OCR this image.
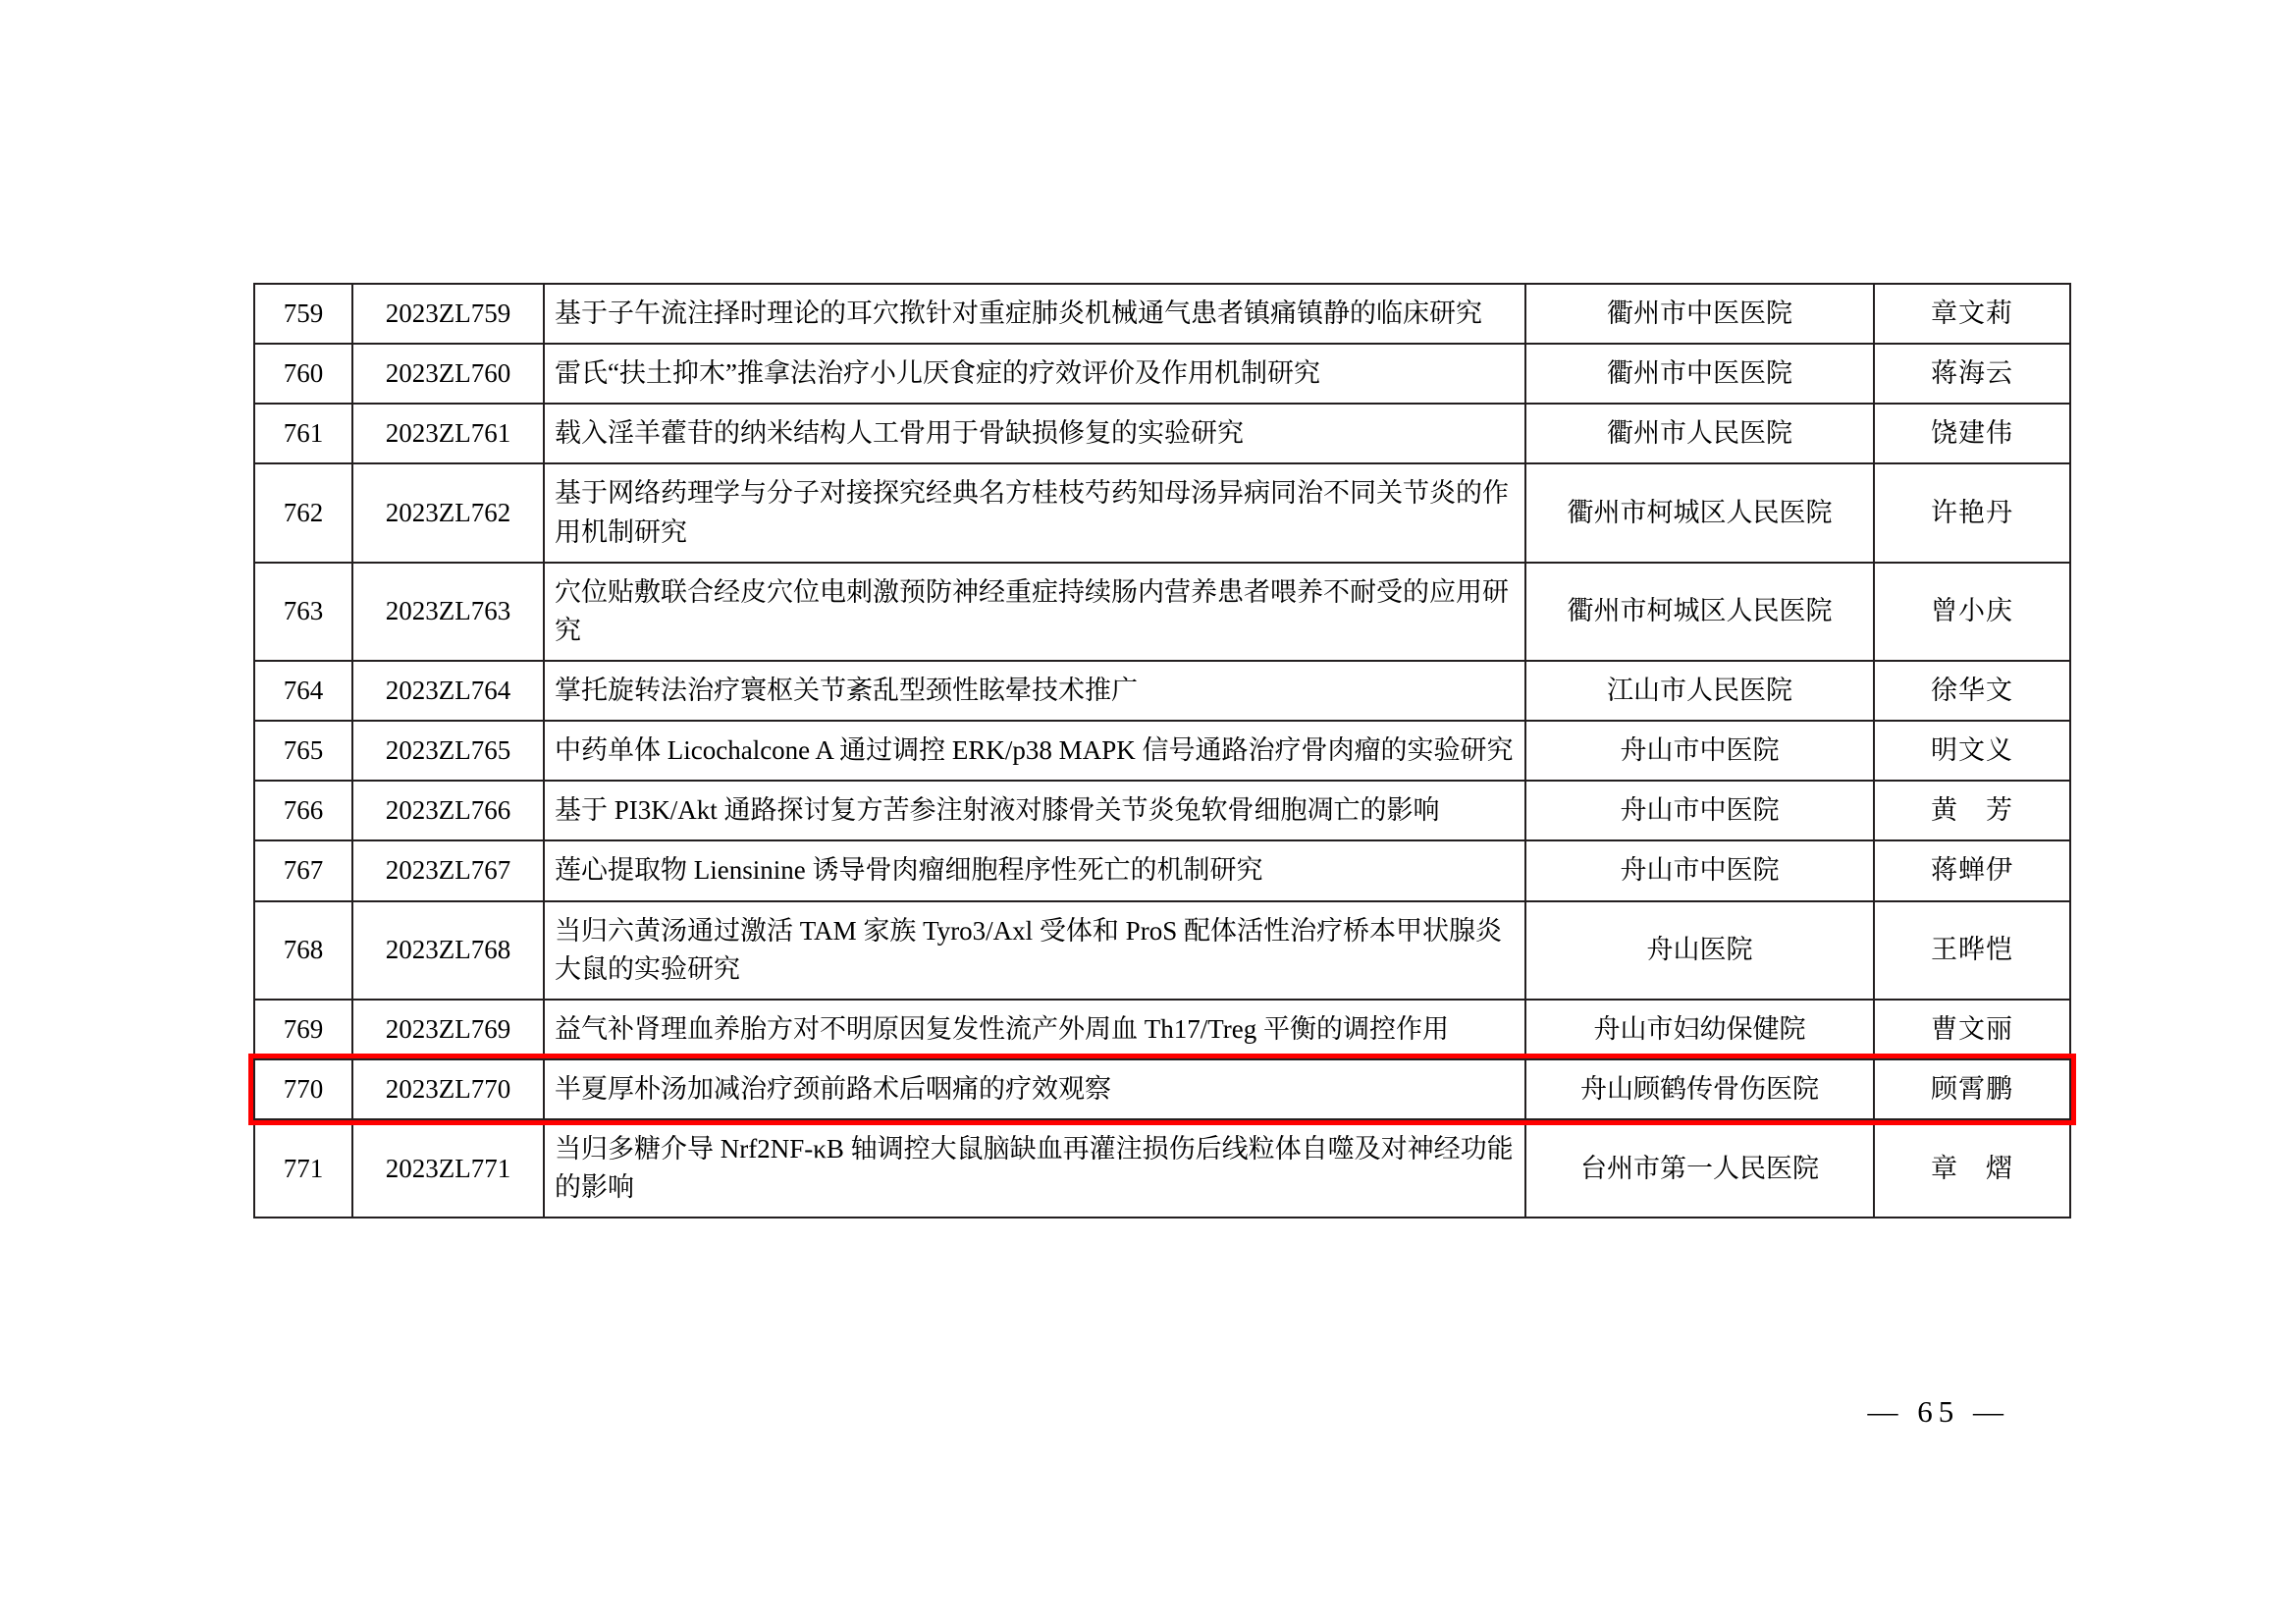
759	2023ZL759	基于子午流注择时理论的耳穴揿针对重症肺炎机械通气患者镇痛镇静的临床研究	衢州市中医医院	章文莉
760	2023ZL760	雷氏“扶土抑木”推拿法治疗小儿厌食症的疗效评价及作用机制研究	衢州市中医医院	蒋海云
761	2023ZL761	载入淫羊藿苷的纳米结构人工骨用于骨缺损修复的实验研究	衢州市人民医院	饶建伟
762	2023ZL762	基于网络药理学与分子对接探究经典名方桂枝芍药知母汤异病同治不同关节炎的作用机制研究	衢州市柯城区人民医院	许艳丹
763	2023ZL763	穴位贴敷联合经皮穴位电刺激预防神经重症持续肠内营养患者喂养不耐受的应用研究	衢州市柯城区人民医院	曾小庆
764	2023ZL764	掌托旋转法治疗寰枢关节紊乱型颈性眩晕技术推广	江山市人民医院	徐华文
765	2023ZL765	中药单体 Licochalcone A 通过调控 ERK/p38 MAPK 信号通路治疗骨肉瘤的实验研究	舟山市中医院	明文义
766	2023ZL766	基于 PI3K/Akt 通路探讨复方苦参注射液对膝骨关节炎兔软骨细胞凋亡的影响	舟山市中医院	黄　芳
767	2023ZL767	莲心提取物 Liensinine 诱导骨肉瘤细胞程序性死亡的机制研究	舟山市中医院	蒋蝉伊
768	2023ZL768	当归六黄汤通过激活 TAM 家族 Tyro3/Axl 受体和 ProS 配体活性治疗桥本甲状腺炎大鼠的实验研究	舟山医院	王晔恺
769	2023ZL769	益气补肾理血养胎方对不明原因复发性流产外周血 Th17/Treg 平衡的调控作用	舟山市妇幼保健院	曹文丽
770	2023ZL770	半夏厚朴汤加减治疗颈前路术后咽痛的疗效观察	舟山顾鹤传骨伤医院	顾霄鹏
771	2023ZL771	当归多糖介导 Nrf2NF-κB 轴调控大鼠脑缺血再灌注损伤后线粒体自噬及对神经功能的影响	台州市第一人民医院	章　熠
— 65 —
